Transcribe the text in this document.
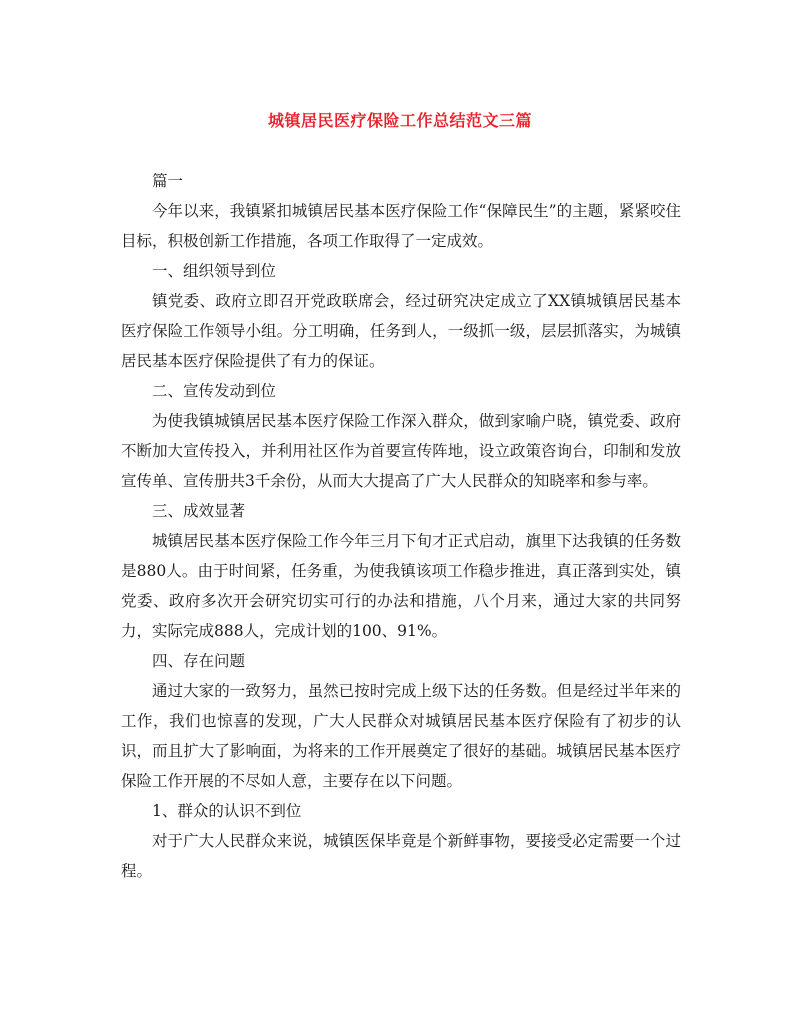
城镇居民医疗保险工作总结范文三篇

篇一

今年以来，我镇紧扣城镇居民基本医疗保险工作“保障民生”的主题，紧紧咬住目标，积极创新工作措施，各项工作取得了一定成效。

一、组织领导到位

镇党委、政府立即召开党政联席会，经过研究决定成立了XX镇城镇居民基本医疗保险工作领导小组。分工明确，任务到人，一级抓一级，层层抓落实，为城镇居民基本医疗保险提供了有力的保证。

二、宣传发动到位

为使我镇城镇居民基本医疗保险工作深入群众，做到家喻户晓，镇党委、政府不断加大宣传投入，并利用社区作为首要宣传阵地，设立政策咨询台，印制和发放宣传单、宣传册共3千余份，从而大大提高了广大人民群众的知晓率和参与率。

三、成效显著

城镇居民基本医疗保险工作今年三月下旬才正式启动，旗里下达我镇的任务数是880人。由于时间紧，任务重，为使我镇该项工作稳步推进，真正落到实处，镇党委、政府多次开会研究切实可行的办法和措施，八个月来，通过大家的共同努力，实际完成888人，完成计划的100、91%。

四、存在问题

通过大家的一致努力，虽然已按时完成上级下达的任务数。但是经过半年来的工作，我们也惊喜的发现，广大人民群众对城镇居民基本医疗保险有了初步的认识，而且扩大了影响面，为将来的工作开展奠定了很好的基础。城镇居民基本医疗保险工作开展的不尽如人意，主要存在以下问题。

1、群众的认识不到位

对于广大人民群众来说，城镇医保毕竟是个新鲜事物，要接受必定需要一个过程。
